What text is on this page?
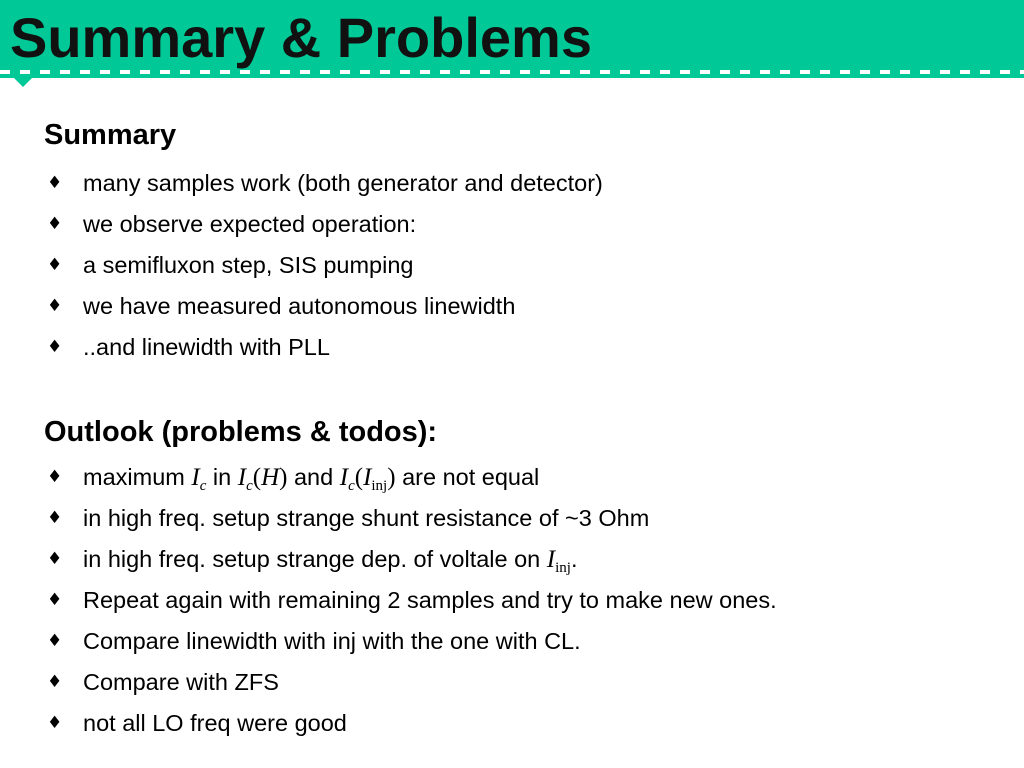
Summary & Problems
Summary
♦ many samples work (both generator and detector)
♦ we observe expected operation:
♦ a semifluxon step, SIS pumping
♦ we have measured autonomous linewidth
♦ ..and linewidth with PLL
Outlook (problems & todos):
♦ maximum $I_c$ in $I_c(H)$ and $I_c(I_{inj})$ are not equal
♦ in high freq. setup strange shunt resistance of ~3 Ohm
♦ in high freq. setup strange dep. of voltale on $I_{inj}$.
♦ Repeat again with remaining 2 samples and try to make new ones.
♦ Compare linewidth with inj with the one with CL.
♦ Compare with ZFS
♦ not all LO freq were good
